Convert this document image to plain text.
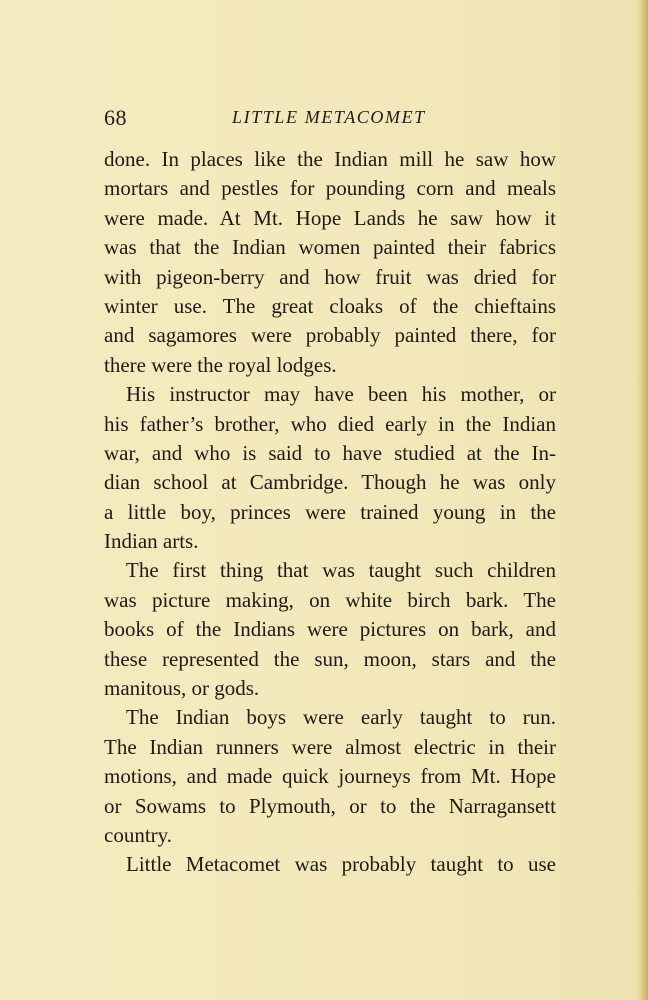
68	LITTLE METACOMET
done. In places like the Indian mill he saw how
mortars and pestles for pounding corn and meals
were made. At Mt. Hope Lands he saw how it
was that the Indian women painted their fabrics
with pigeon-berry and how fruit was dried for
winter use. The great cloaks of the chieftains
and sagamores were probably painted there, for
there were the royal lodges.
His instructor may have been his mother, or
his father’s brother, who died early in the Indian
war, and who is said to have studied at the In-
dian school at Cambridge. Though he was only
a little boy, princes were trained young in the
Indian arts.
The first thing that was taught such children
was picture making, on white birch bark. The
books of the Indians were pictures on bark, and
these represented the sun, moon, stars and the
manitous, or gods.
The Indian boys were early taught to run.
The Indian runners were almost electric in their
motions, and made quick journeys from Mt. Hope
or Sowams to Plymouth, or to the Narragansett
country.
Little Metacomet was probably taught to use
